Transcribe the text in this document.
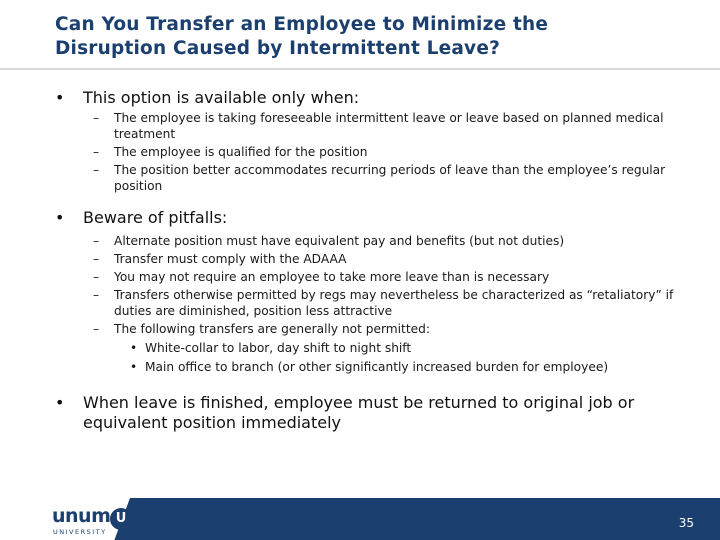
Can You Transfer an Employee to Minimize the
Disruption Caused by Intermittent Leave?
•	This option is available only when:
–	The employee is taking foreseeable intermittent leave or leave based on planned medical treatment
–	The employee is qualified for the position
–	The position better accommodates recurring periods of leave than the employee’s regular position
•	Beware of pitfalls:
–	Alternate position must have equivalent pay and benefits (but not duties)
–	Transfer must comply with the ADAAA
–	You may not require an employee to take more leave than is necessary
–	Transfers otherwise permitted by regs may nevertheless be characterized as “retaliatory” if duties are diminished, position less attractive
–	The following transfers are generally not permitted:
• White-collar to labor, day shift to night shift
• Main office to branch (or other significantly increased burden for employee)
•	When leave is finished, employee must be returned to original job or equivalent position immediately
unum U
UNIVERSITY
35
